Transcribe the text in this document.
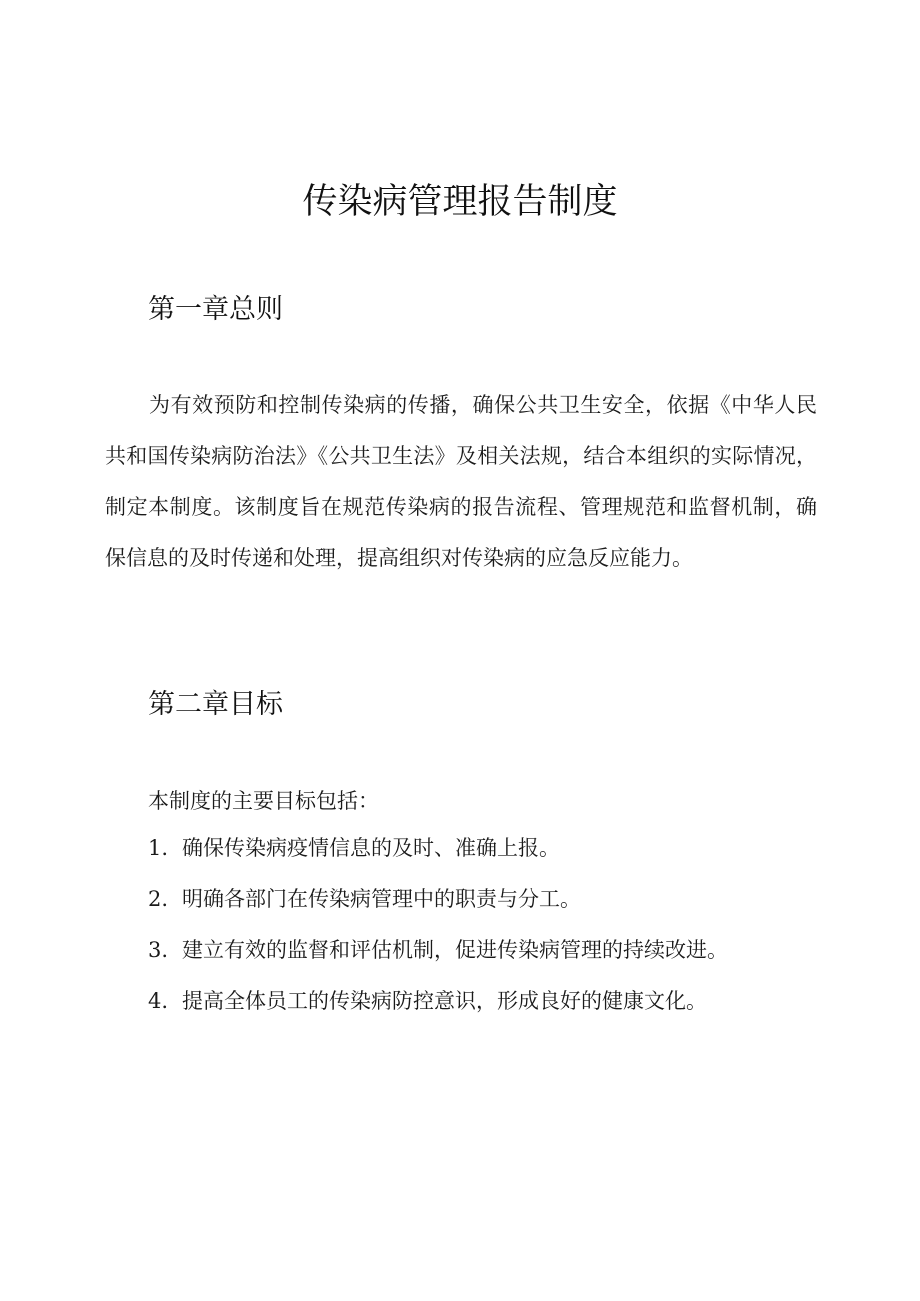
传染病管理报告制度
第一章总则

为有效预防和控制传染病的传播，确保公共卫生安全，依据《中华人民共和国传染病防治法》《公共卫生法》及相关法规，结合本组织的实际情况，制定本制度。该制度旨在规范传染病的报告流程、管理规范和监督机制，确保信息的及时传递和处理，提高组织对传染病的应急反应能力。

第二章目标

本制度的主要目标包括：

1. 确保传染病疫情信息的及时、准确上报。
2. 明确各部门在传染病管理中的职责与分工。
3. 建立有效的监督和评估机制，促进传染病管理的持续改进。
4. 提高全体员工的传染病防控意识，形成良好的健康文化。
